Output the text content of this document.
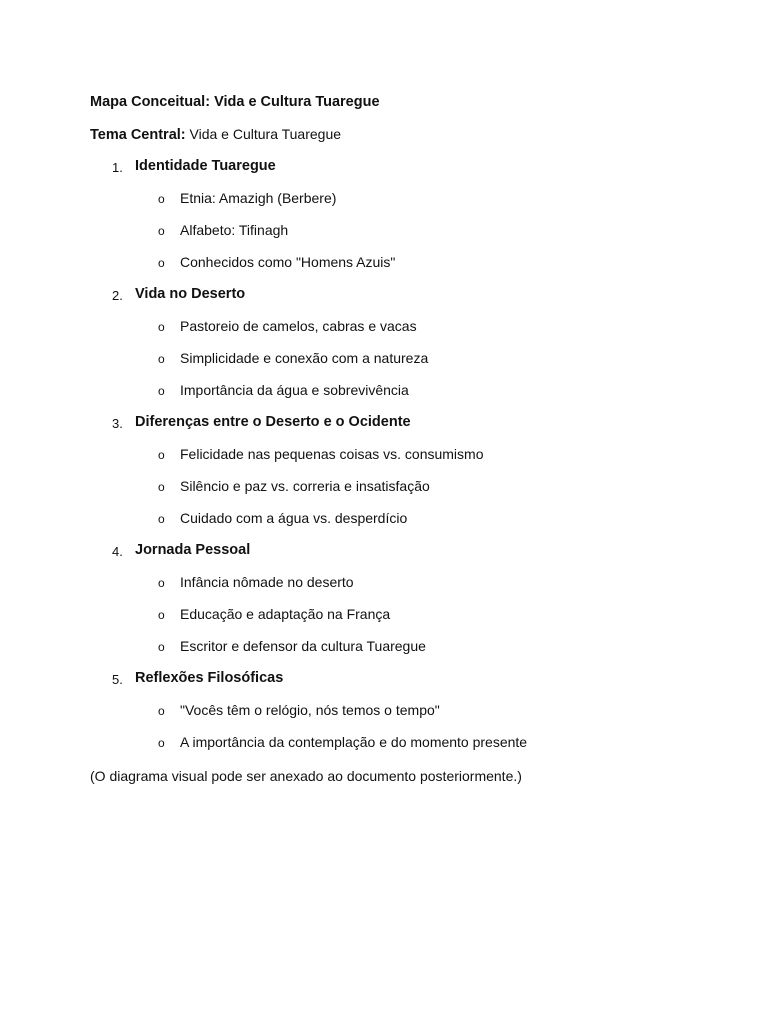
Mapa Conceitual: Vida e Cultura Tuaregue
Tema Central: Vida e Cultura Tuaregue
1. Identidade Tuaregue
o Etnia: Amazigh (Berbere)
o Alfabeto: Tifinagh
o Conhecidos como "Homens Azuis"
2. Vida no Deserto
o Pastoreio de camelos, cabras e vacas
o Simplicidade e conexão com a natureza
o Importância da água e sobrevivência
3. Diferenças entre o Deserto e o Ocidente
o Felicidade nas pequenas coisas vs. consumismo
o Silêncio e paz vs. correria e insatisfação
o Cuidado com a água vs. desperdício
4. Jornada Pessoal
o Infância nômade no deserto
o Educação e adaptação na França
o Escritor e defensor da cultura Tuaregue
5. Reflexões Filosóficas
o "Vocês têm o relógio, nós temos o tempo"
o A importância da contemplação e do momento presente
(O diagrama visual pode ser anexado ao documento posteriormente.)
